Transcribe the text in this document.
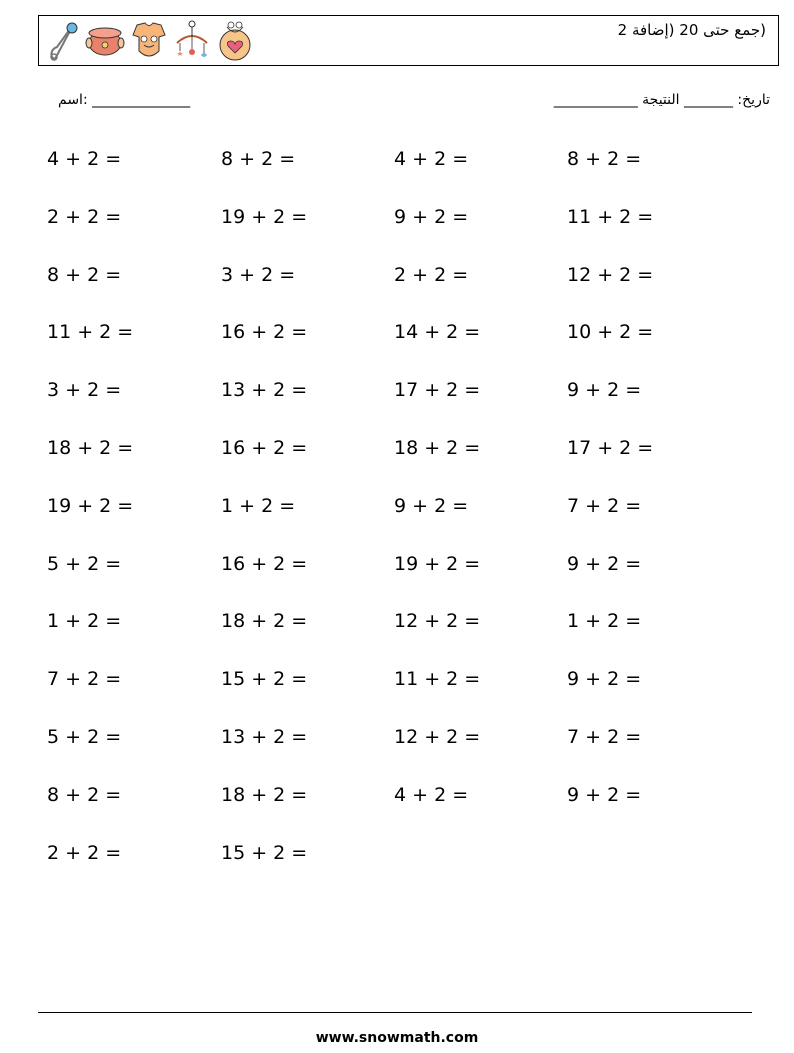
(جمع حتى 20 (إضافة 2
اسم: ______________	تاريخ: _______ النتيجة ____________
4 + 2 =	8 + 2 =	4 + 2 =	8 + 2 =
2 + 2 =	19 + 2 =	9 + 2 =	11 + 2 =
8 + 2 =	3 + 2 =	2 + 2 =	12 + 2 =
11 + 2 =	16 + 2 =	14 + 2 =	10 + 2 =
3 + 2 =	13 + 2 =	17 + 2 =	9 + 2 =
18 + 2 =	16 + 2 =	18 + 2 =	17 + 2 =
19 + 2 =	1 + 2 =	9 + 2 =	7 + 2 =
5 + 2 =	16 + 2 =	19 + 2 =	9 + 2 =
1 + 2 =	18 + 2 =	12 + 2 =	1 + 2 =
7 + 2 =	15 + 2 =	11 + 2 =	9 + 2 =
5 + 2 =	13 + 2 =	12 + 2 =	7 + 2 =
8 + 2 =	18 + 2 =	4 + 2 =	9 + 2 =
2 + 2 =	15 + 2 =
www.snowmath.com
